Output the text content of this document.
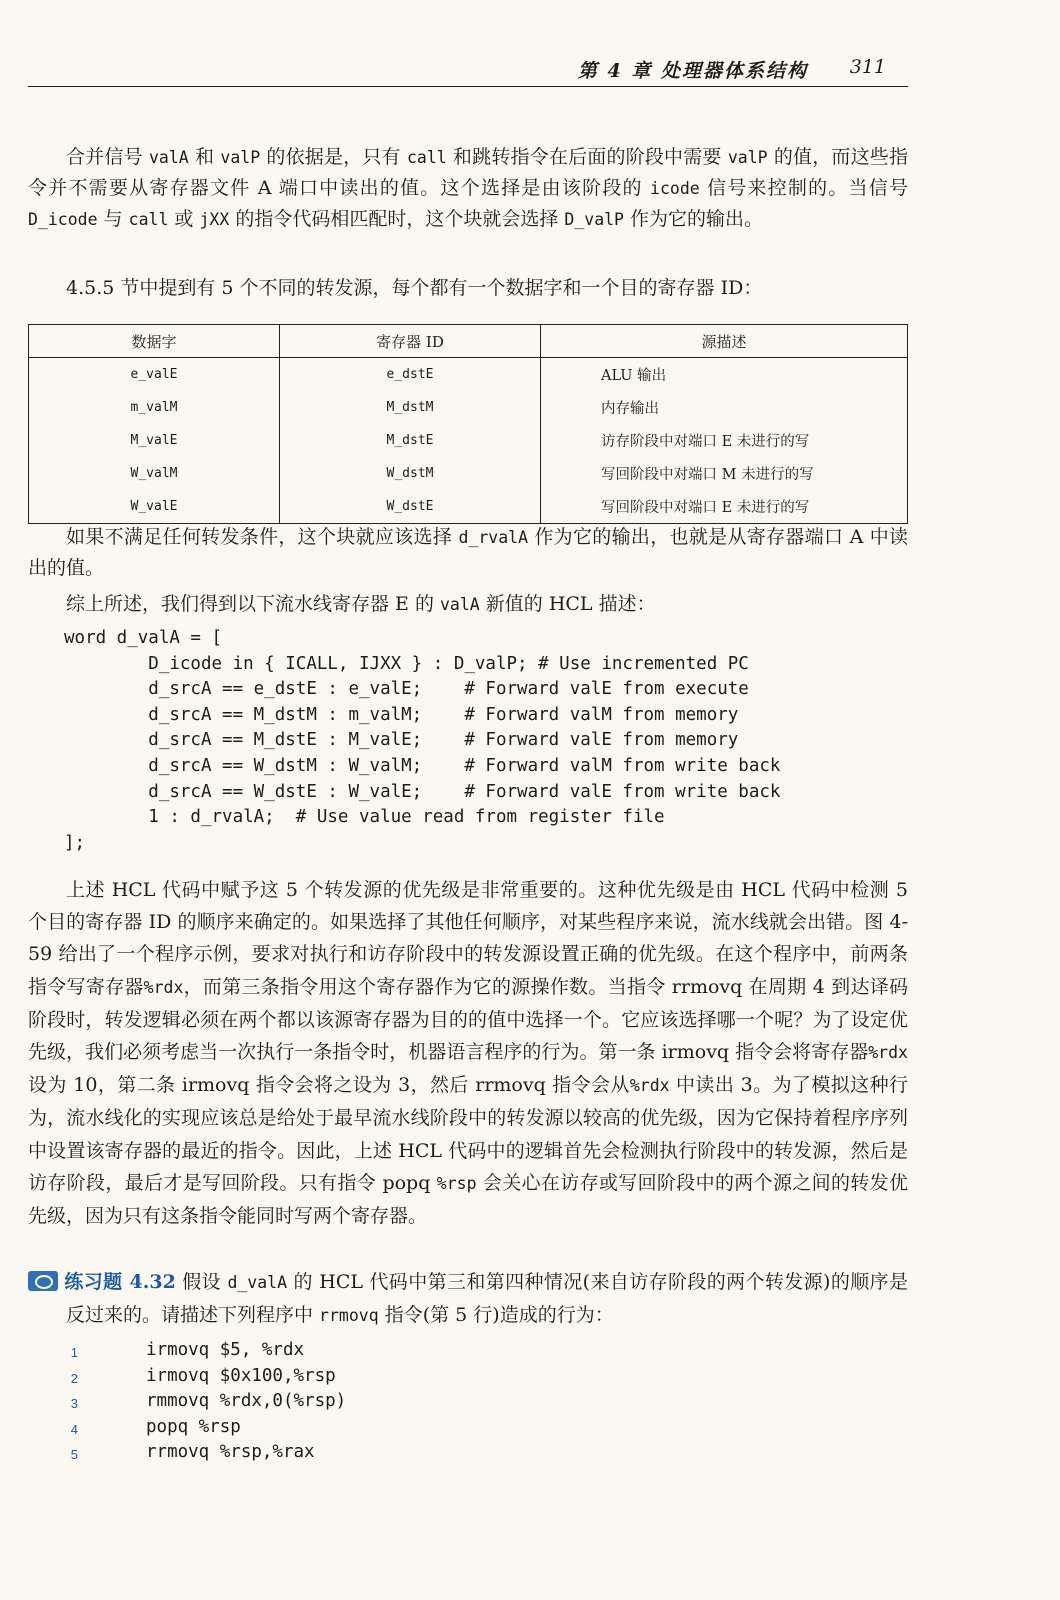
第 4 章 处理器体系结构 311

合并信号 valA 和 valP 的依据是，只有 call 和跳转指令在后面的阶段中需要 valP 的值，而这些指令并不需要从寄存器文件 A 端口中读出的值。这个选择是由该阶段的 icode 信号来控制的。当信号 D_icode 与 call 或 jXX 的指令代码相匹配时，这个块就会选择 D_valP 作为它的输出。

4.5.5 节中提到有 5 个不同的转发源，每个都有一个数据字和一个目的寄存器 ID：

数据字	寄存器 ID	源描述
e_valE	e_dstE	ALU 输出
m_valM	M_dstM	内存输出
M_valE	M_dstE	访存阶段中对端口 E 未进行的写
W_valM	W_dstM	写回阶段中对端口 M 未进行的写
W_valE	W_dstE	写回阶段中对端口 E 未进行的写

如果不满足任何转发条件，这个块就应该选择 d_rvalA 作为它的输出，也就是从寄存器端口 A 中读出的值。

综上所述，我们得到以下流水线寄存器 E 的 valA 新值的 HCL 描述：

word d_valA = [
D_icode in { ICALL, IJXX } : D_valP; # Use incremented PC
d_srcA == e_dstE : e_valE;    # Forward valE from execute
d_srcA == M_dstM : m_valM;    # Forward valM from memory
d_srcA == M_dstE : M_valE;    # Forward valE from memory
d_srcA == W_dstM : W_valM;    # Forward valM from write back
d_srcA == W_dstE : W_valE;    # Forward valE from write back
1 : d_rvalA;  # Use value read from register file
];

上述 HCL 代码中赋予这 5 个转发源的优先级是非常重要的。这种优先级是由 HCL 代码中检测 5 个目的寄存器 ID 的顺序来确定的。如果选择了其他任何顺序，对某些程序来说，流水线就会出错。图 4-59 给出了一个程序示例，要求对执行和访存阶段中的转发源设置正确的优先级。在这个程序中，前两条指令写寄存器%rdx，而第三条指令用这个寄存器作为它的源操作数。当指令 rrmovq 在周期 4 到达译码阶段时，转发逻辑必须在两个都以该源寄存器为目的的值中选择一个。它应该选择哪一个呢？为了设定优先级，我们必须考虑当一次执行一条指令时，机器语言程序的行为。第一条 irmovq 指令会将寄存器%rdx 设为 10，第二条 irmovq 指令会将之设为 3，然后 rrmovq 指令会从%rdx 中读出 3。为了模拟这种行为，流水线化的实现应该总是给处于最早流水线阶段中的转发源以较高的优先级，因为它保持着程序序列中设置该寄存器的最近的指令。因此，上述 HCL 代码中的逻辑首先会检测执行阶段中的转发源，然后是访存阶段，最后才是写回阶段。只有指令 popq %rsp 会关心在访存或写回阶段中的两个源之间的转发优先级，因为只有这条指令能同时写两个寄存器。

练习题 4.32 假设 d_valA 的 HCL 代码中第三和第四种情况(来自访存阶段的两个转发源)的顺序是反过来的。请描述下列程序中 rrmovq 指令(第 5 行)造成的行为：

1	irmovq $5, %rdx
2	irmovq $0x100,%rsp
3	rmmovq %rdx,0(%rsp)
4	popq %rsp
5	rrmovq %rsp,%rax
